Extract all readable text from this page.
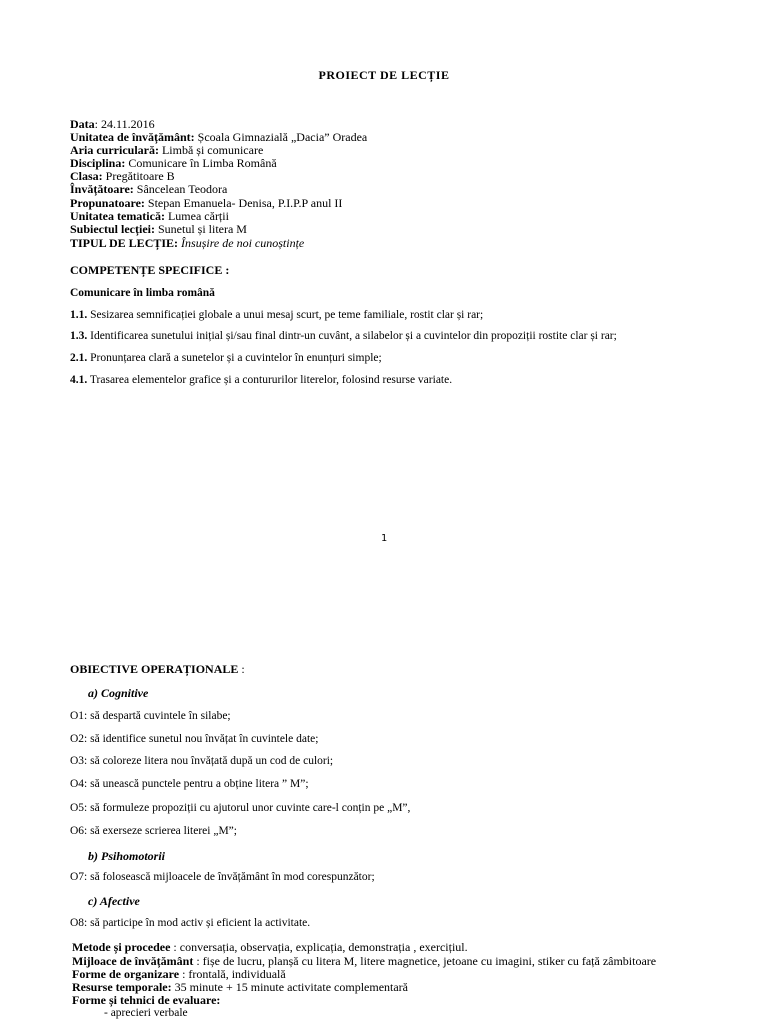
PROIECT DE LECȚIE
Data: 24.11.2016
Unitatea de învățământ: Școala Gimnazială „Dacia” Oradea
Aria curriculară: Limbă și comunicare
Disciplina: Comunicare în Limba Română
Clasa: Pregătitoare B
Învățătoare: Sâncelean Teodora
Propunatoare: Stepan Emanuela- Denisa, P.I.P.P anul II
Unitatea tematică: Lumea cărții
Subiectul lecției: Sunetul și litera M
TIPUL DE LECȚIE: Însușire de noi cunoștințe
COMPETENȚE SPECIFICE :
Comunicare în limba română
1.1. Sesizarea semnificației globale a unui mesaj scurt, pe teme familiale, rostit clar și rar;
1.3. Identificarea sunetului inițial și/sau final dintr-un cuvânt, a silabelor și a cuvintelor din propoziții rostite clar și rar;
2.1. Pronunțarea clară a sunetelor și a cuvintelor în enunțuri simple;
4.1. Trasarea elementelor grafice și a contururilor literelor, folosind resurse variate.
1
OBIECTIVE OPERAȚIONALE :
a) Cognitive
O1: să despartă cuvintele în silabe;
O2: să identifice sunetul nou învățat în cuvintele date;
O3: să coloreze litera nou învățată după un cod de culori;
O4: să unească punctele pentru a obține litera ” M”;
O5: să formuleze propoziții cu ajutorul unor cuvinte care-l conțin pe „M”,
O6: să exerseze scrierea literei „M”;
b) Psihomotorii
O7: să folosească mijloacele de învățământ în mod corespunzător;
c) Afective
O8: să participe în mod activ și eficient la activitate.
Metode și procedee : conversația, observația, explicația, demonstrația , exercițiul.
Mijloace de învățământ : fișe de lucru, planșă cu litera M, litere magnetice, jetoane cu imagini, stiker cu față zâmbitoare
Forme de organizare : frontală, individuală
Resurse temporale: 35 minute + 15 minute activitate complementară
Forme și tehnici de evaluare:
- aprecieri verbale
